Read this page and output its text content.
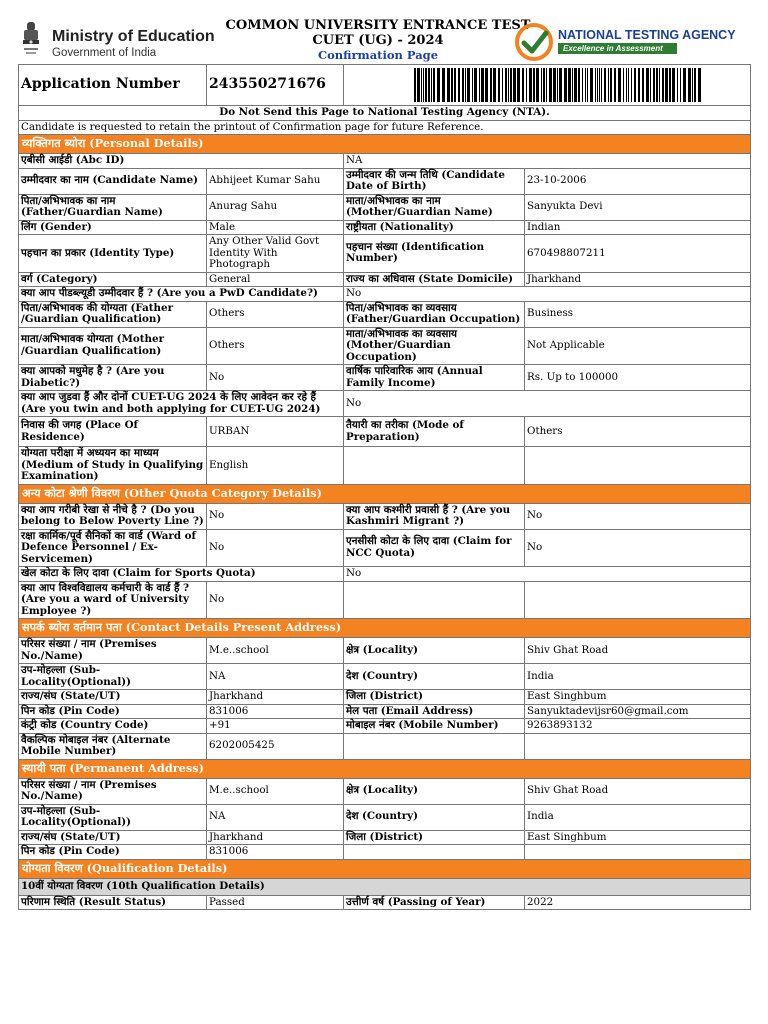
Ministry of Education
Government of India
COMMON UNIVERSITY ENTRANCE TEST
CUET (UG) - 2024
Confirmation Page
NATIONAL TESTING AGENCY
Excellence in Assessment
Application Number	243550271676	

Do Not Send this Page to National Testing Agency (NTA).			
Candidate is requested to retain the printout of Confirmation page for future Reference.			
व्यक्तिगत ब्योरा (Personal Details)			
एबीसी आईडी (Abc ID)		NA	
उम्मीदवार का नाम (Candidate Name)	Abhijeet Kumar Sahu	उम्मीदवार की जन्म तिथि (Candidate Date of Birth)	23-10-2006
पिता/अभिभावक का नाम (Father/Guardian Name)	Anurag Sahu	माता/अभिभावक का नाम (Mother/Guardian Name)	Sanyukta Devi
लिंग (Gender)	Male	राष्ट्रीयता (Nationality)	Indian
पहचान का प्रकार (Identity Type)	Any Other Valid Govt Identity With Photograph	पहचान संख्या (Identification Number)	670498807211
वर्ग (Category)	General	राज्य का अधिवास (State Domicile)	Jharkhand
क्या आप पीडब्ल्यूडी उम्मीदवार हैं ? (Are you a PwD Candidate?)		No	
पिता/अभिभावक की योग्यता (Father /Guardian Qualification)	Others	पिता/अभिभावक का व्यवसाय (Father/Guardian Occupation)	Business
माता/अभिभावक योग्यता (Mother /Guardian Qualification)	Others	माता/अभिभावक का व्यवसाय (Mother/Guardian Occupation)	Not Applicable
क्या आपको मधुमेह है ? (Are you Diabetic?)	No	वार्षिक पारिवारिक आय (Annual Family Income)	Rs. Up to 100000
क्या आप जुडवा हैं और दोनों CUET-UG 2024 के लिए आवेदन कर रहे हैं (Are you twin and both applying for CUET-UG 2024)		No	
निवास की जगह (Place Of Residence)	URBAN	तैयारी का तरीका (Mode of Preparation)	Others
योग्यता परीक्षा में अध्ययन का माध्यम (Medium of Study in Qualifying Examination)	English		
अन्य कोटा श्रेणी विवरण (Other Quota Category Details)			
क्या आप गरीबी रेखा से नीचे है ? (Do you belong to Below Poverty Line ?)	No	क्या आप कश्मीरी प्रवासी हैं ? (Are you Kashmiri Migrant ?)	No
रक्षा कार्मिक/पूर्व सैनिकों का वार्ड (Ward of Defence Personnel / Ex-Servicemen)	No	एनसीसी कोटा के लिए दावा (Claim for NCC Quota)	No
खेल कोटा के लिए दावा (Claim for Sports Quota)		No	
क्या आप विश्वविद्यालय कर्मचारी के वार्ड हैं ? (Are you a ward of University Employee ?)	No		
सपर्क ब्योरा वर्तमान पता (Contact Details Present Address)			
परिसर संख्या / नाम (Premises No./Name)	M.e..school	क्षेत्र (Locality)	Shiv Ghat Road
उप-मोहल्ला (Sub-Locality(Optional))	NA	देश (Country)	India
राज्य/संघ (State/UT)	Jharkhand	जिला (District)	East Singhbum
पिन कोड (Pin Code)	831006	मेल पता (Email Address)	Sanyuktadevijsr60@gmail.com
कंट्री कोड (Country Code)	+91	मोबाइल नंबर (Mobile Number)	9263893132
वैकल्पिक मोबाइल नंबर (Alternate Mobile Number)	6202005425		
स्थायी पता (Permanent Address)			
परिसर संख्या / नाम (Premises No./Name)	M.e..school	क्षेत्र (Locality)	Shiv Ghat Road
उप-मोहल्ला (Sub-Locality(Optional))	NA	देश (Country)	India
राज्य/संघ (State/UT)	Jharkhand	जिला (District)	East Singhbum
पिन कोड (Pin Code)	831006		
योग्यता विवरण (Qualification Details)			
10वीं योग्यता विवरण (10th Qualification Details)			
परिणाम स्थिति (Result Status)	Passed	उत्तीर्ण वर्ष (Passing of Year)	2022
